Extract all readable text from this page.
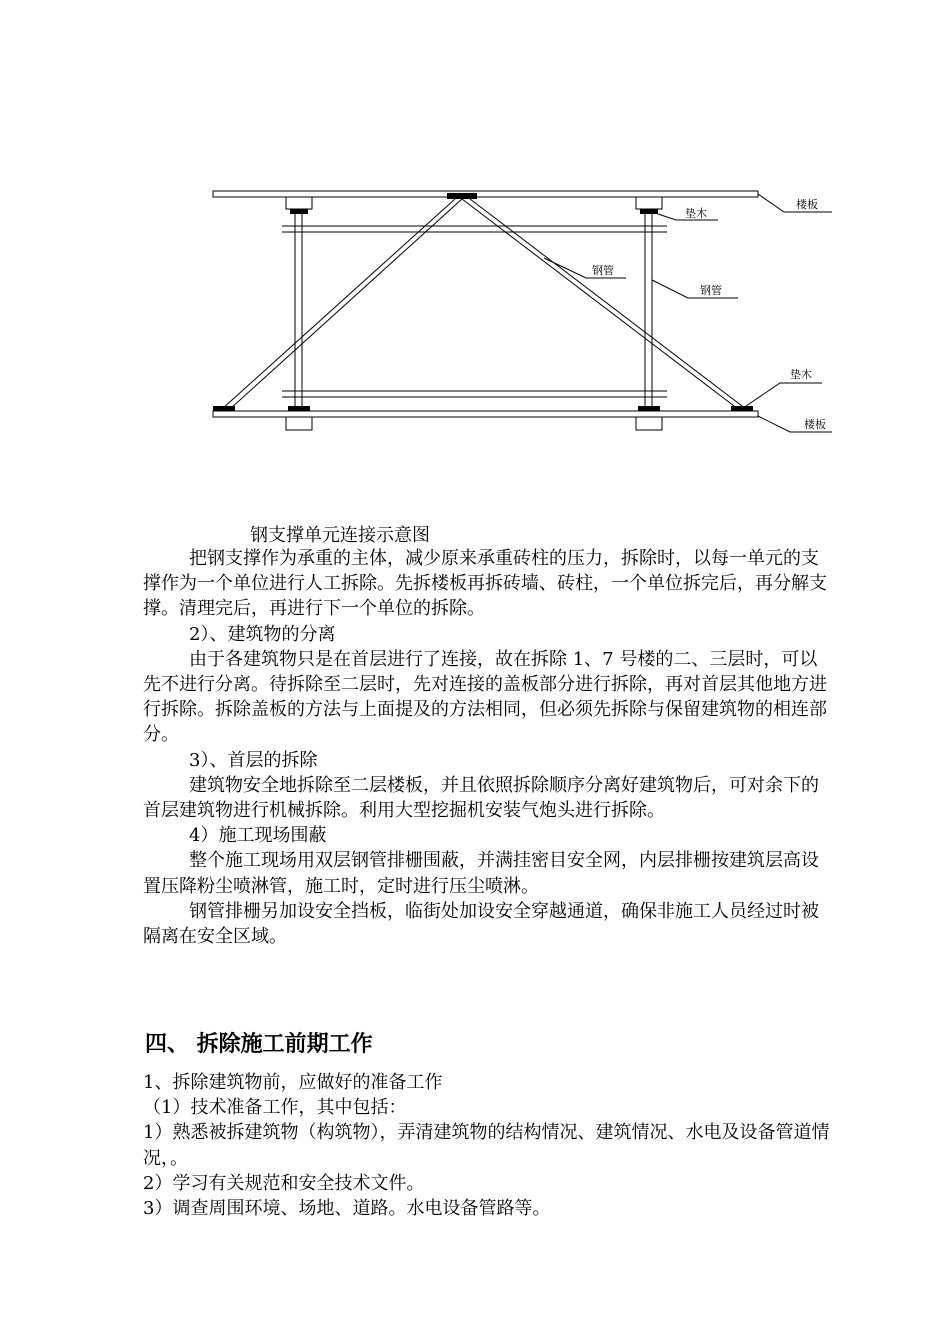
楼板
垫木
钢管
钢管
垫木
楼板
钢支撑单元连接示意图

把钢支撑作为承重的主体，减少原来承重砖柱的压力，拆除时，以每一单元的支撑作为一个单位进行人工拆除。先拆楼板再拆砖墙、砖柱，一个单位拆完后，再分解支撑。清理完后，再进行下一个单位的拆除。

2）、建筑物的分离

由于各建筑物只是在首层进行了连接，故在拆除 1、7 号楼的二、三层时，可以先不进行分离。待拆除至二层时，先对连接的盖板部分进行拆除，再对首层其他地方进行拆除。拆除盖板的方法与上面提及的方法相同，但必须先拆除与保留建筑物的相连部分。

3）、首层的拆除

建筑物安全地拆除至二层楼板，并且依照拆除顺序分离好建筑物后，可对余下的首层建筑物进行机械拆除。利用大型挖掘机安装气炮头进行拆除。

4）施工现场围蔽

整个施工现场用双层钢管排栅围蔽，并满挂密目安全网，内层排栅按建筑层高设置压降粉尘喷淋管，施工时，定时进行压尘喷淋。

钢管排栅另加设安全挡板，临街处加设安全穿越通道，确保非施工人员经过时被隔离在安全区域。

四、 拆除施工前期工作

1、拆除建筑物前，应做好的准备工作

（1）技术准备工作，其中包括：

1）熟悉被拆建筑物（构筑物），弄清建筑物的结构情况、建筑情况、水电及设备管道情况，。

2）学习有关规范和安全技术文件。

3）调查周围环境、场地、道路。水电设备管路等。
